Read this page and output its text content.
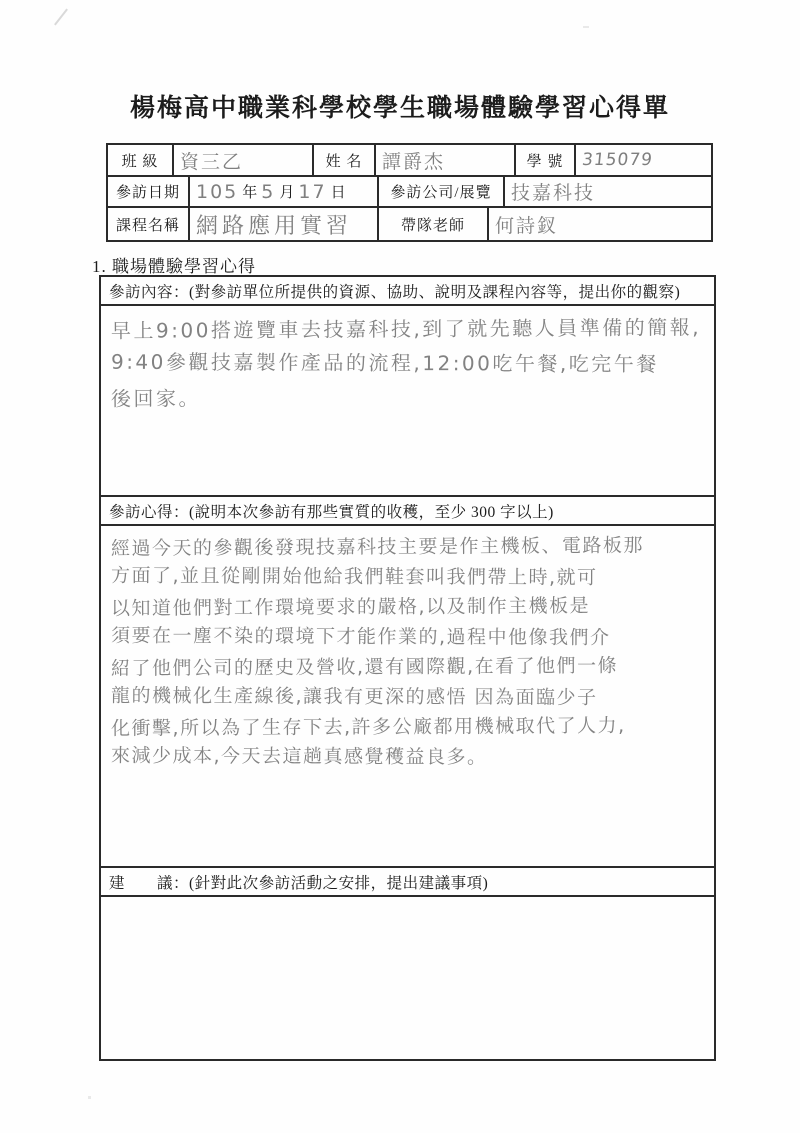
楊梅高中職業科學校學生職場體驗學習心得單
班 級	資三乙	姓 名	譚爵杰	學 號	315079
參訪日期 105 年 5 月 17 日	參訪公司/展覽	技嘉科技
課程名稱 網路應用實習	帶隊老師	何詩釵
1. 職場體驗學習心得
參訪內容：(對參訪單位所提供的資源、協助、說明及課程內容等，提出你的觀察)
早上9:00搭遊覽車去技嘉科技,到了就先聽人員準備的簡報,
9:40參觀技嘉製作產品的流程,12:00吃午餐,吃完午餐
後回家。
參訪心得：(說明本次參訪有那些實質的收穫，至少 300 字以上)
經過今天的參觀後發現技嘉科技主要是作主機板、電路板那
方面了,並且從剛開始他給我們鞋套叫我們帶上時,就可
以知道他們對工作環境要求的嚴格,以及制作主機板是
須要在一塵不染的環境下才能作業的,過程中他像我們介
紹了他們公司的歷史及營收,還有國際觀,在看了他們一條
龍的機械化生產線後,讓我有更深的感悟 因為面臨少子
化衝擊,所以為了生存下去,許多公廠都用機械取代了人力,
來減少成本,今天去這趟真感覺穫益良多。
建　　議：(針對此次參訪活動之安排，提出建議事項)
